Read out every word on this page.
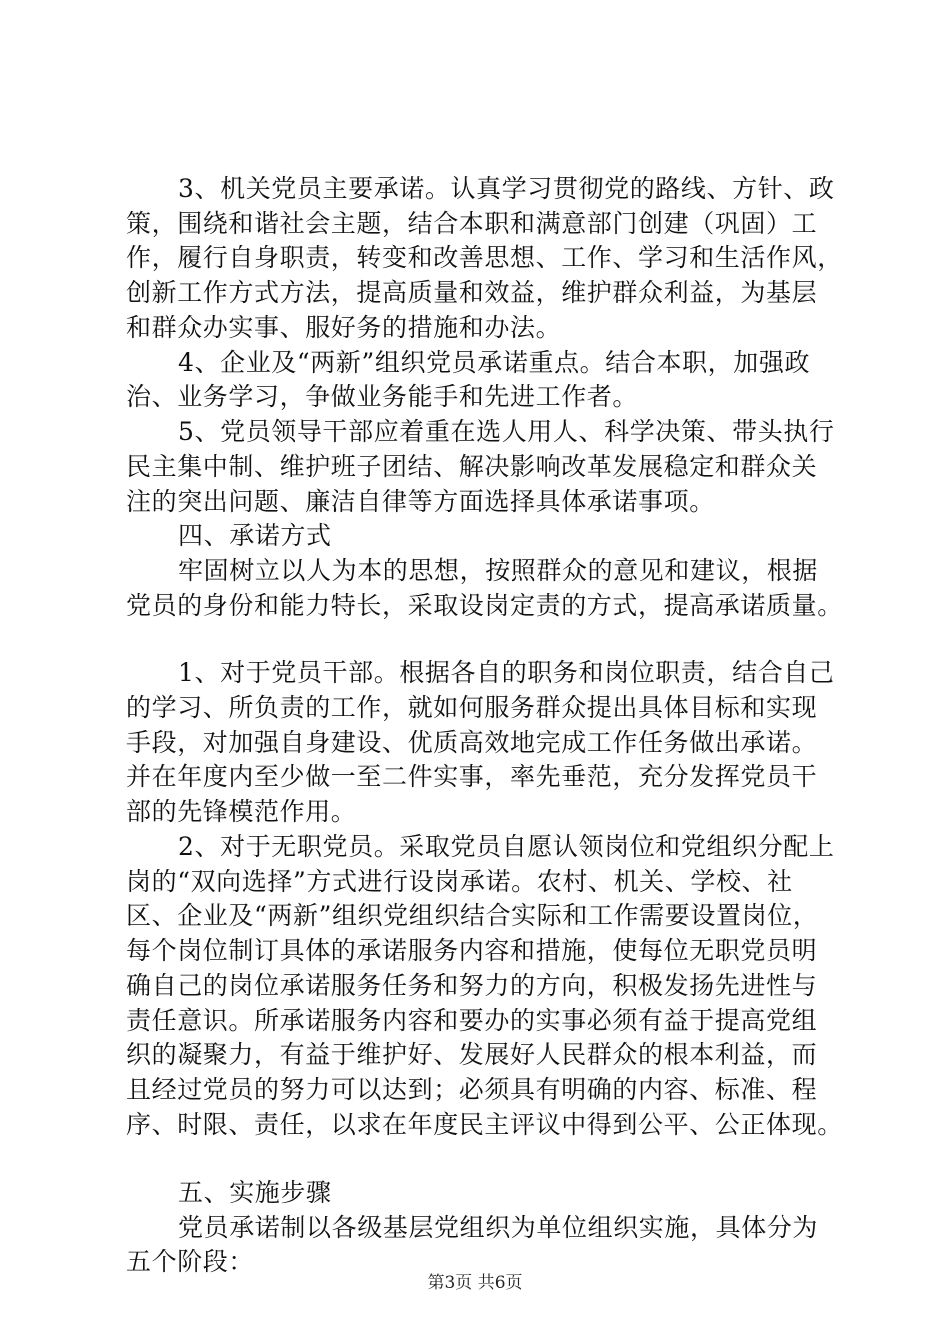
3、机关党员主要承诺。认真学习贯彻党的路线、方针、政
策，围绕和谐社会主题，结合本职和满意部门创建（巩固）工
作，履行自身职责，转变和改善思想、工作、学习和生活作风，
创新工作方式方法，提高质量和效益，维护群众利益，为基层
和群众办实事、服好务的措施和办法。
4、企业及“两新”组织党员承诺重点。结合本职，加强政
治、业务学习，争做业务能手和先进工作者。
5、党员领导干部应着重在选人用人、科学决策、带头执行
民主集中制、维护班子团结、解决影响改革发展稳定和群众关
注的突出问题、廉洁自律等方面选择具体承诺事项。
四、承诺方式
牢固树立以人为本的思想，按照群众的意见和建议，根据
党员的身份和能力特长，采取设岗定责的方式，提高承诺质量。
1、对于党员干部。根据各自的职务和岗位职责，结合自己
的学习、所负责的工作，就如何服务群众提出具体目标和实现
手段，对加强自身建设、优质高效地完成工作任务做出承诺。
并在年度内至少做一至二件实事，率先垂范，充分发挥党员干
部的先锋模范作用。
2、对于无职党员。采取党员自愿认领岗位和党组织分配上
岗的“双向选择”方式进行设岗承诺。农村、机关、学校、社
区、企业及“两新”组织党组织结合实际和工作需要设置岗位，
每个岗位制订具体的承诺服务内容和措施，使每位无职党员明
确自己的岗位承诺服务任务和努力的方向，积极发扬先进性与
责任意识。所承诺服务内容和要办的实事必须有益于提高党组
织的凝聚力，有益于维护好、发展好人民群众的根本利益，而
且经过党员的努力可以达到；必须具有明确的内容、标准、程
序、时限、责任，以求在年度民主评议中得到公平、公正体现。
五、实施步骤
党员承诺制以各级基层党组织为单位组织实施，具体分为
五个阶段：
第3页 共6页
